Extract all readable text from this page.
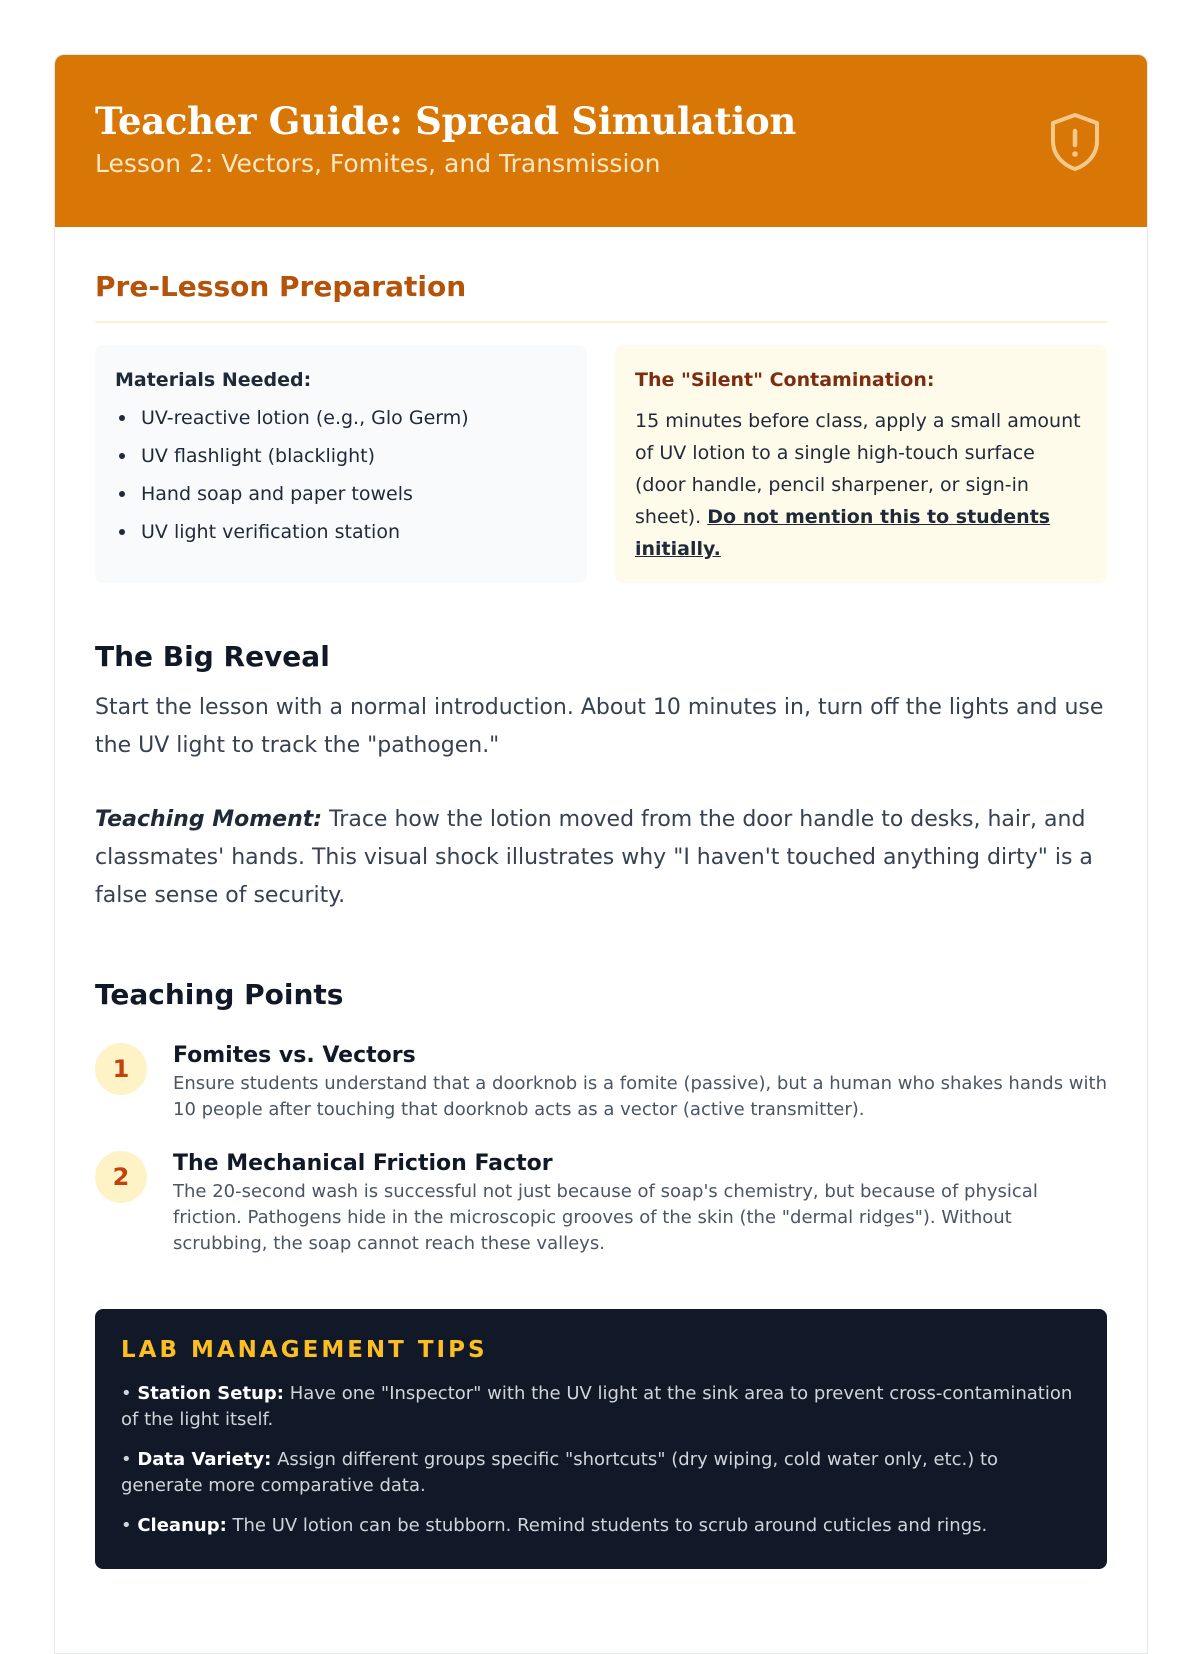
Teacher Guide: Spread Simulation
Lesson 2: Vectors, Fomites, and Transmission
Pre-Lesson Preparation
Materials Needed:
UV-reactive lotion (e.g., Glo Germ)
UV flashlight (blacklight)
Hand soap and paper towels
UV light verification station
The "Silent" Contamination:

15 minutes before class, apply a small amount of UV lotion to a single high-touch surface (door handle, pencil sharpener, or sign-in sheet). Do not mention this to students initially.

The Big Reveal

Start the lesson with a normal introduction. About 10 minutes in, turn off the lights and use the UV light to track the "pathogen."

Teaching Moment: Trace how the lotion moved from the door handle to desks, hair, and classmates' hands. This visual shock illustrates why "I haven't touched anything dirty" is a false sense of security.

Teaching Points
1	Fomites vs. Vectors
Ensure students understand that a doorknob is a fomite (passive), but a human who shakes hands with 10 people after touching that doorknob acts as a vector (active transmitter).
2	The Mechanical Friction Factor
The 20-second wash is successful not just because of soap's chemistry, but because of physical friction. Pathogens hide in the microscopic grooves of the skin (the "dermal ridges"). Without scrubbing, the soap cannot reach these valleys.
LAB MANAGEMENT TIPS
• Station Setup: Have one "Inspector" with the UV light at the sink area to prevent cross-contamination of the light itself.
• Data Variety: Assign different groups specific "shortcuts" (dry wiping, cold water only, etc.) to generate more comparative data.
• Cleanup: The UV lotion can be stubborn. Remind students to scrub around cuticles and rings.
